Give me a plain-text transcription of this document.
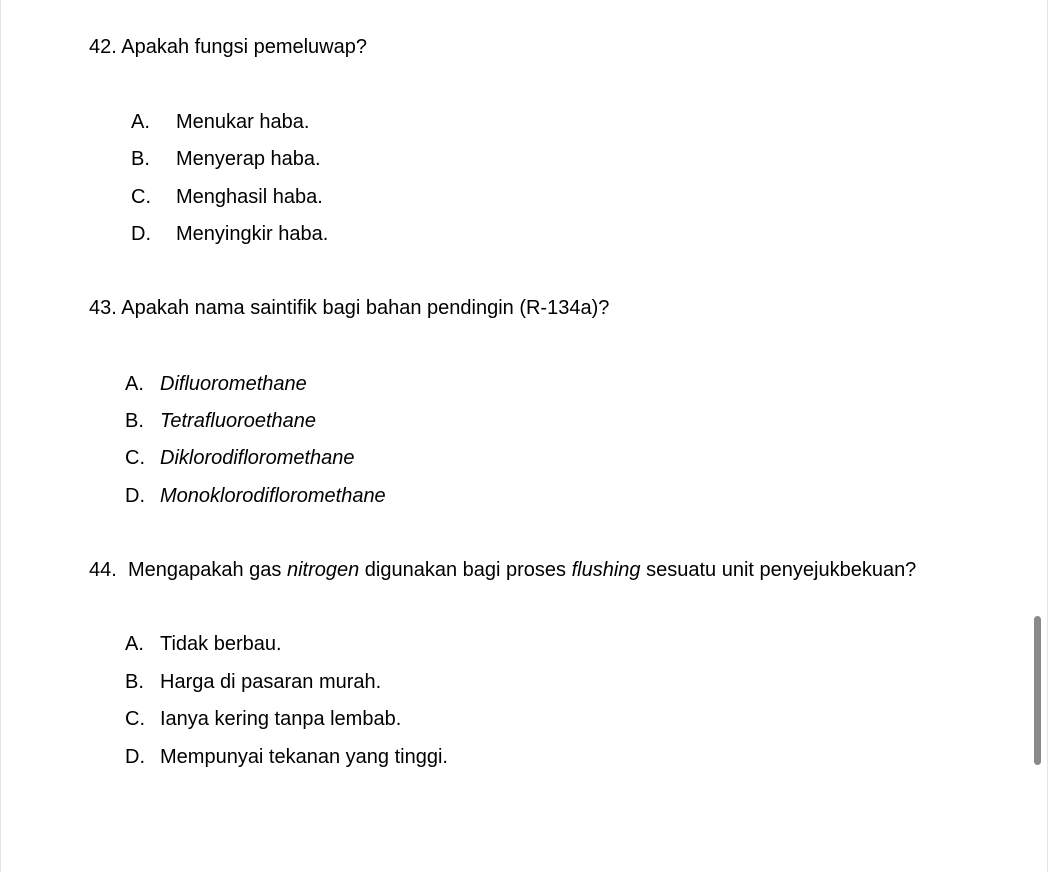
42. Apakah fungsi pemeluwap?
A. Menukar haba.
B. Menyerap haba.
C. Menghasil haba.
D. Menyingkir haba.
43. Apakah nama saintifik bagi bahan pendingin (R-134a)?
A. Difluoromethane
B. Tetrafluoroethane
C. Diklorodifloromethane
D. Monoklorodifloromethane
44. Mengapakah gas nitrogen digunakan bagi proses flushing sesuatu unit penyejukbekuan?
A. Tidak berbau.
B. Harga di pasaran murah.
C. Ianya kering tanpa lembab.
D. Mempunyai tekanan yang tinggi.
